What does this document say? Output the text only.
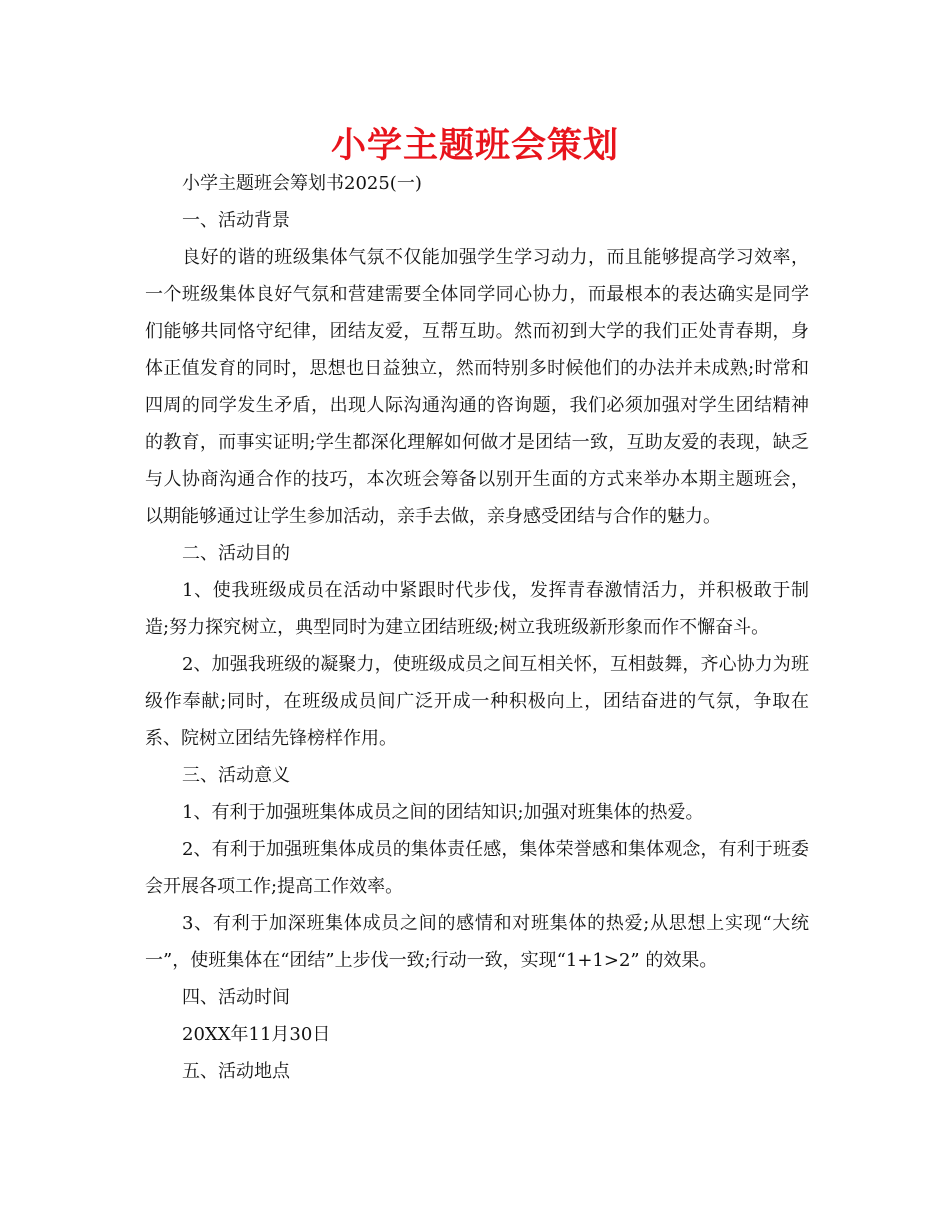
小学主题班会策划

小学主题班会筹划书2025(一)

一、活动背景

良好的谐的班级集体气氛不仅能加强学生学习动力，而且能够提高学习效率，一个班级集体良好气氛和营建需要全体同学同心协力，而最根本的表达确实是同学们能够共同恪守纪律，团结友爱，互帮互助。然而初到大学的我们正处青春期，身体正值发育的同时，思想也日益独立，然而特别多时候他们的办法并未成熟;时常和四周的同学发生矛盾，出现人际沟通沟通的咨询题，我们必须加强对学生团结精神的教育，而事实证明;学生都深化理解如何做才是团结一致，互助友爱的表现，缺乏与人协商沟通合作的技巧，本次班会筹备以别开生面的方式来举办本期主题班会，以期能够通过让学生参加活动，亲手去做，亲身感受团结与合作的魅力。

二、活动目的

1、使我班级成员在活动中紧跟时代步伐，发挥青春激情活力，并积极敢于制造;努力探究树立，典型同时为建立团结班级;树立我班级新形象而作不懈奋斗。

2、加强我班级的凝聚力，使班级成员之间互相关怀，互相鼓舞，齐心协力为班级作奉献;同时，在班级成员间广泛开成一种积极向上，团结奋进的气氛，争取在系、院树立团结先锋榜样作用。

三、活动意义

1、有利于加强班集体成员之间的团结知识;加强对班集体的热爱。

2、有利于加强班集体成员的集体责任感，集体荣誉感和集体观念，有利于班委会开展各项工作;提高工作效率。

3、有利于加深班集体成员之间的感情和对班集体的热爱;从思想上实现“大统一”，使班集体在“团结”上步伐一致;行动一致，实现“1+1>2” 的效果。

四、活动时间

20XX年11月30日

五、活动地点
